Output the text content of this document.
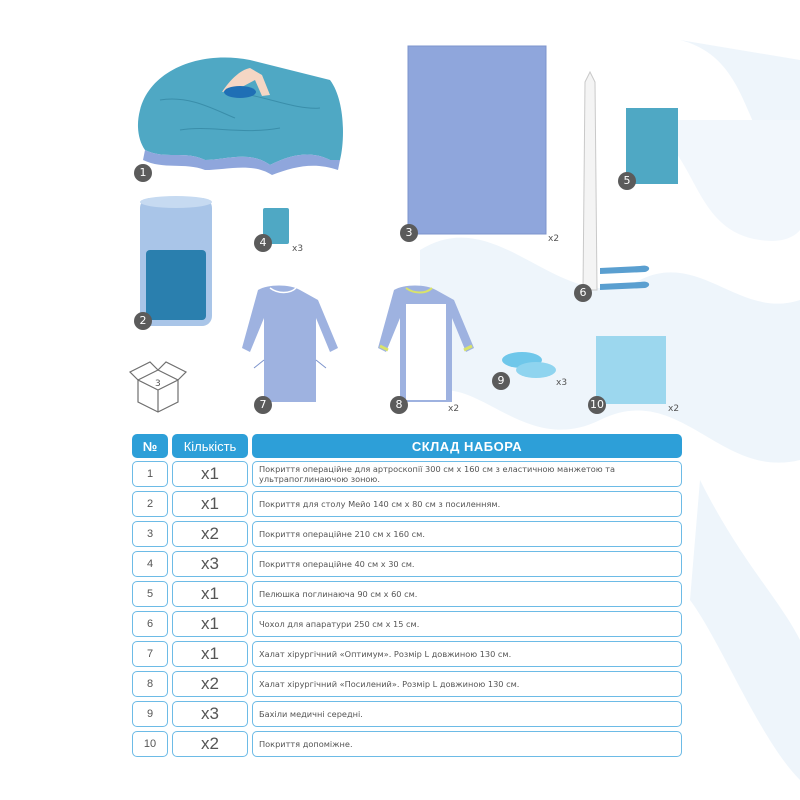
1
2
3
4
5
6
7	8
9
10
x2
x3
x2
x3
x2
3
№	Кількість	СКЛАД НАБОРА
1	x1	Покриття операційне для артроскопії 300 см х 160 см з еластичною манжетою та ультрапоглинаючою зоною.
2	x1	Покриття для столу Мейо 140 см х 80 см з посиленням.
3	x2	Покриття операційне 210 см х 160 см.
4	x3	Покриття операційне 40 см х 30 см.
5	x1	Пелюшка поглинаюча 90 см х 60 см.
6	x1	Чохол для апаратури 250 см х 15 см.
7	x1	Халат хірургічний «Оптимум». Розмір L довжиною 130 см.
8	x2	Халат хірургічний «Посилений». Розмір L довжиною 130 см.
9	x3	Бахіли медичні середні.
10	x2	Покриття допоміжне.
